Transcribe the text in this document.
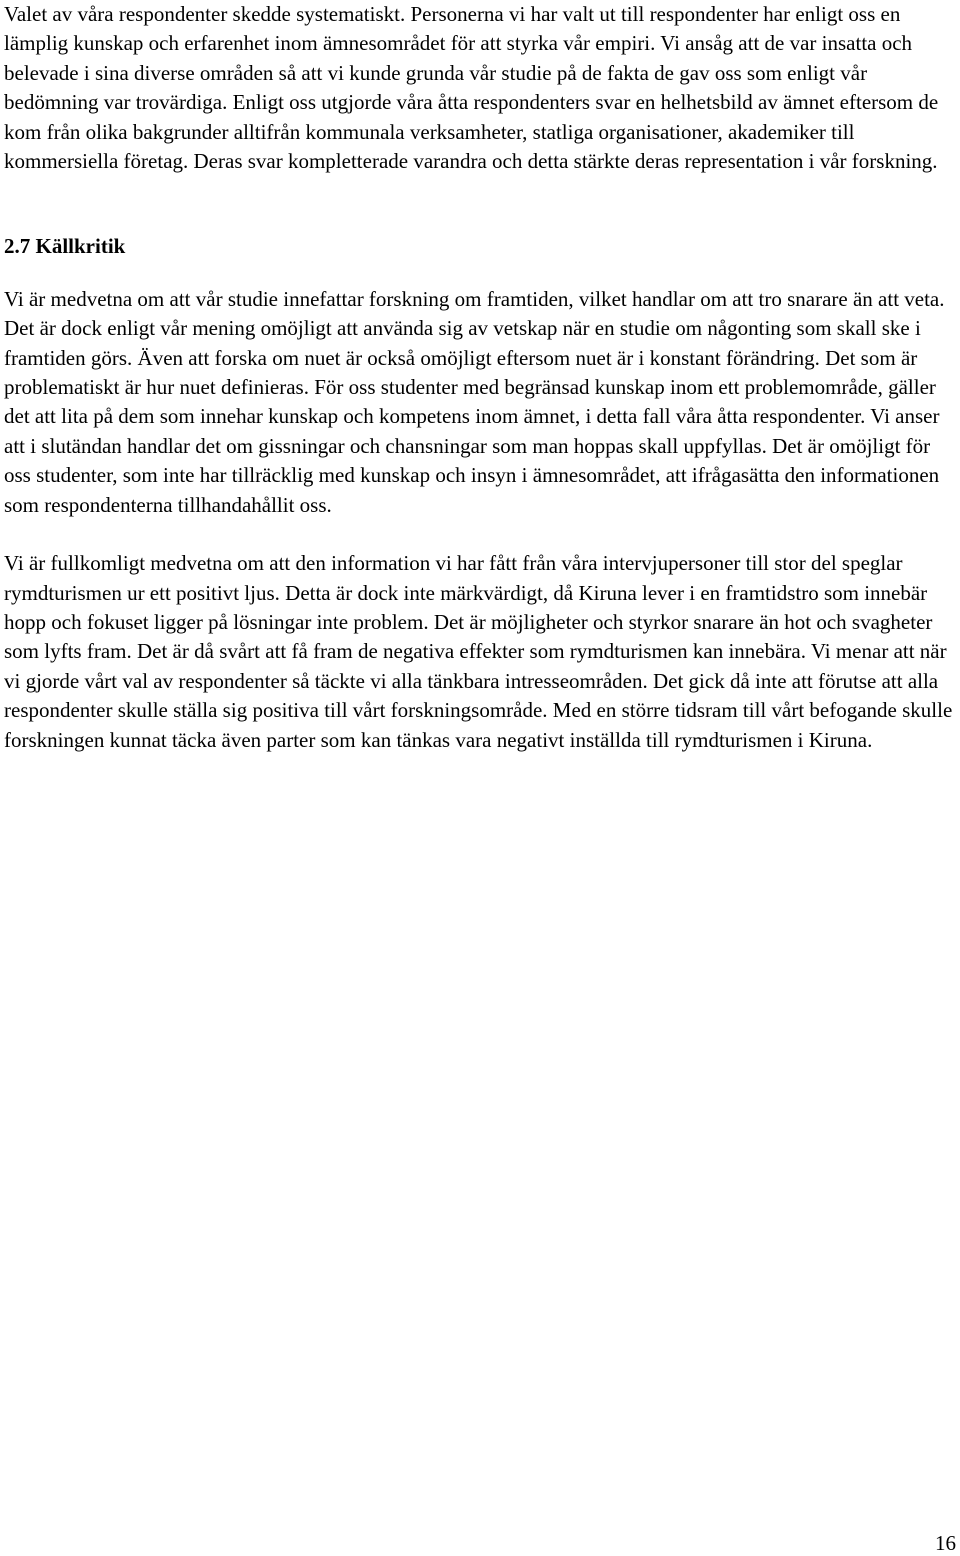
Valet av våra respondenter skedde systematiskt. Personerna vi har valt ut till respondenter har enligt oss en lämplig kunskap och erfarenhet inom ämnesområdet för att styrka vår empiri. Vi ansåg att de var insatta och belevade i sina diverse områden så att vi kunde grunda vår studie på de fakta de gav oss som enligt vår bedömning var trovärdiga. Enligt oss utgjorde våra åtta respondenters svar en helhetsbild av ämnet eftersom de kom från olika bakgrunder alltifrån kommunala verksamheter, statliga organisationer, akademiker till kommersiella företag. Deras svar kompletterade varandra och detta stärkte deras representation i vår forskning.

2.7 Källkritik

Vi är medvetna om att vår studie innefattar forskning om framtiden, vilket handlar om att tro snarare än att veta. Det är dock enligt vår mening omöjligt att använda sig av vetskap när en studie om någonting som skall ske i framtiden görs. Även att forska om nuet är också omöjligt eftersom nuet är i konstant förändring. Det som är problematiskt är hur nuet definieras. För oss studenter med begränsad kunskap inom ett problemområde, gäller det att lita på dem som innehar kunskap och kompetens inom ämnet, i detta fall våra åtta respondenter. Vi anser att i slutändan handlar det om gissningar och chansningar som man hoppas skall uppfyllas. Det är omöjligt för oss studenter, som inte har tillräcklig med kunskap och insyn i ämnesområdet, att ifrågasätta den informationen som respondenterna tillhandahållit oss.

Vi är fullkomligt medvetna om att den information vi har fått från våra intervjupersoner till stor del speglar rymdturismen ur ett positivt ljus. Detta är dock inte märkvärdigt, då Kiruna lever i en framtidstro som innebär hopp och fokuset ligger på lösningar inte problem. Det är möjligheter och styrkor snarare än hot och svagheter som lyfts fram. Det är då svårt att få fram de negativa effekter som rymdturismen kan innebära. Vi menar att när vi gjorde vårt val av respondenter så täckte vi alla tänkbara intresseområden. Det gick då inte att förutse att alla respondenter skulle ställa sig positiva till vårt forskningsområde. Med en större tidsram till vårt befogande skulle forskningen kunnat täcka även parter som kan tänkas vara negativt inställda till rymdturismen i Kiruna.

16
